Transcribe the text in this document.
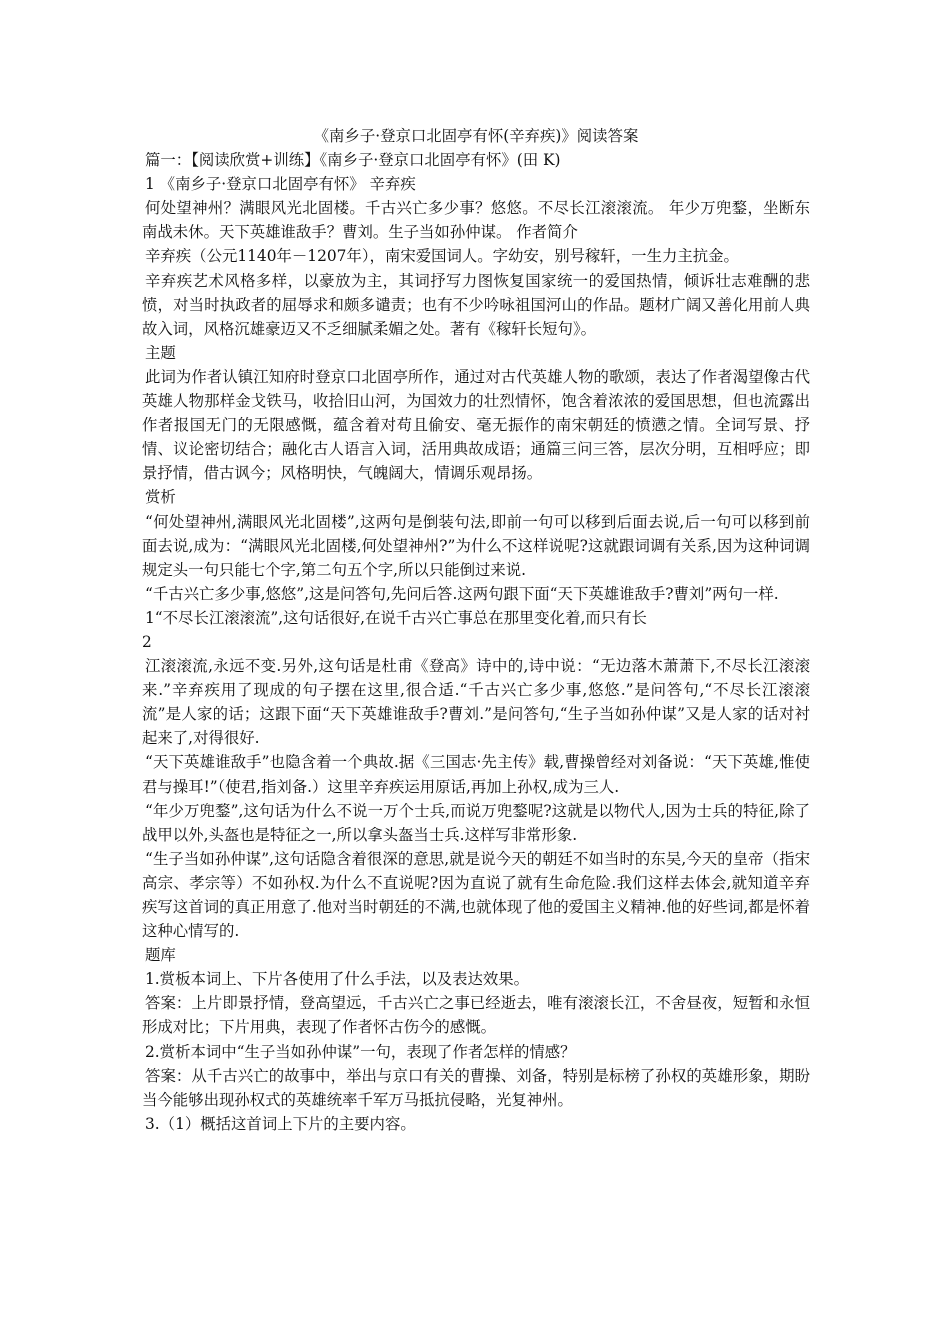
《南乡子·登京口北固亭有怀(辛弃疾)》阅读答案

篇一：【阅读欣赏+训练】《南乡子·登京口北固亭有怀》(田 K)

1 《南乡子·登京口北固亭有怀》 辛弃疾

何处望神州？满眼风光北固楼。千古兴亡多少事？悠悠。不尽长江滚滚流。 年少万兜鍪，坐断东南战未休。天下英雄谁敌手？曹刘。生子当如孙仲谋。 作者简介

辛弃疾（公元1140年－1207年），南宋爱国词人。字幼安，别号稼轩，一生力主抗金。

辛弃疾艺术风格多样，以豪放为主，其词抒写力图恢复国家统一的爱国热情，倾诉壮志难酬的悲愤，对当时执政者的屈辱求和颇多谴责；也有不少吟咏祖国河山的作品。题材广阔又善化用前人典故入词，风格沉雄豪迈又不乏细腻柔媚之处。著有《稼轩长短句》。

主题

此词为作者认镇江知府时登京口北固亭所作，通过对古代英雄人物的歌颂，表达了作者渴望像古代英雄人物那样金戈铁马，收拾旧山河，为国效力的壮烈情怀，饱含着浓浓的爱国思想，但也流露出作者报国无门的无限感慨，蕴含着对苟且偷安、毫无振作的南宋朝廷的愤懑之情。全词写景、抒情、议论密切结合；融化古人语言入词，活用典故成语；通篇三问三答，层次分明，互相呼应；即景抒情，借古讽今；风格明快，气魄阔大，情调乐观昂扬。

赏析

“何处望神州,满眼风光北固楼”,这两句是倒装句法,即前一句可以移到后面去说,后一句可以移到前面去说,成为：“满眼风光北固楼,何处望神州?”为什么不这样说呢?这就跟词调有关系,因为这种词调规定头一句只能七个字,第二句五个字,所以只能倒过来说.

“千古兴亡多少事,悠悠”,这是问答句,先问后答.这两句跟下面“天下英雄谁敌手?曹刘”两句一样.

1“不尽长江滚滚流”,这句话很好,在说千古兴亡事总在那里变化着,而只有长

2

江滚滚流,永远不变.另外,这句话是杜甫《登高》诗中的,诗中说：“无边落木萧萧下,不尽长江滚滚来.”辛弃疾用了现成的句子摆在这里,很合适.“千古兴亡多少事,悠悠.”是问答句,“不尽长江滚滚流”是人家的话；这跟下面“天下英雄谁敌手?曹刘.”是问答句,“生子当如孙仲谋”又是人家的话对衬起来了,对得很好.

“天下英雄谁敌手”也隐含着一个典故.据《三国志·先主传》载,曹操曾经对刘备说：“天下英雄,惟使君与操耳!”（使君,指刘备.）这里辛弃疾运用原话,再加上孙权,成为三人.

“年少万兜鍪”,这句话为什么不说一万个士兵,而说万兜鍪呢?这就是以物代人,因为士兵的特征,除了战甲以外,头盔也是特征之一,所以拿头盔当士兵.这样写非常形象.

“生子当如孙仲谋”,这句话隐含着很深的意思,就是说今天的朝廷不如当时的东吴,今天的皇帝（指宋高宗、孝宗等）不如孙权.为什么不直说呢?因为直说了就有生命危险.我们这样去体会,就知道辛弃疾写这首词的真正用意了.他对当时朝廷的不满,也就体现了他的爱国主义精神.他的好些词,都是怀着这种心情写的.

题库

1.赏板本词上、下片各使用了什么手法，以及表达效果。

答案：上片即景抒情，登高望远，千古兴亡之事已经逝去，唯有滚滚长江，不舍昼夜，短暂和永恒形成对比；下片用典，表现了作者怀古伤今的感慨。

2.赏析本词中“生子当如孙仲谋”一句，表现了作者怎样的情感？

答案：从千古兴亡的故事中，举出与京口有关的曹操、刘备，特别是标榜了孙权的英雄形象，期盼当今能够出现孙权式的英雄统率千军万马抵抗侵略，光复神州。

3.（1）概括这首词上下片的主要内容。
